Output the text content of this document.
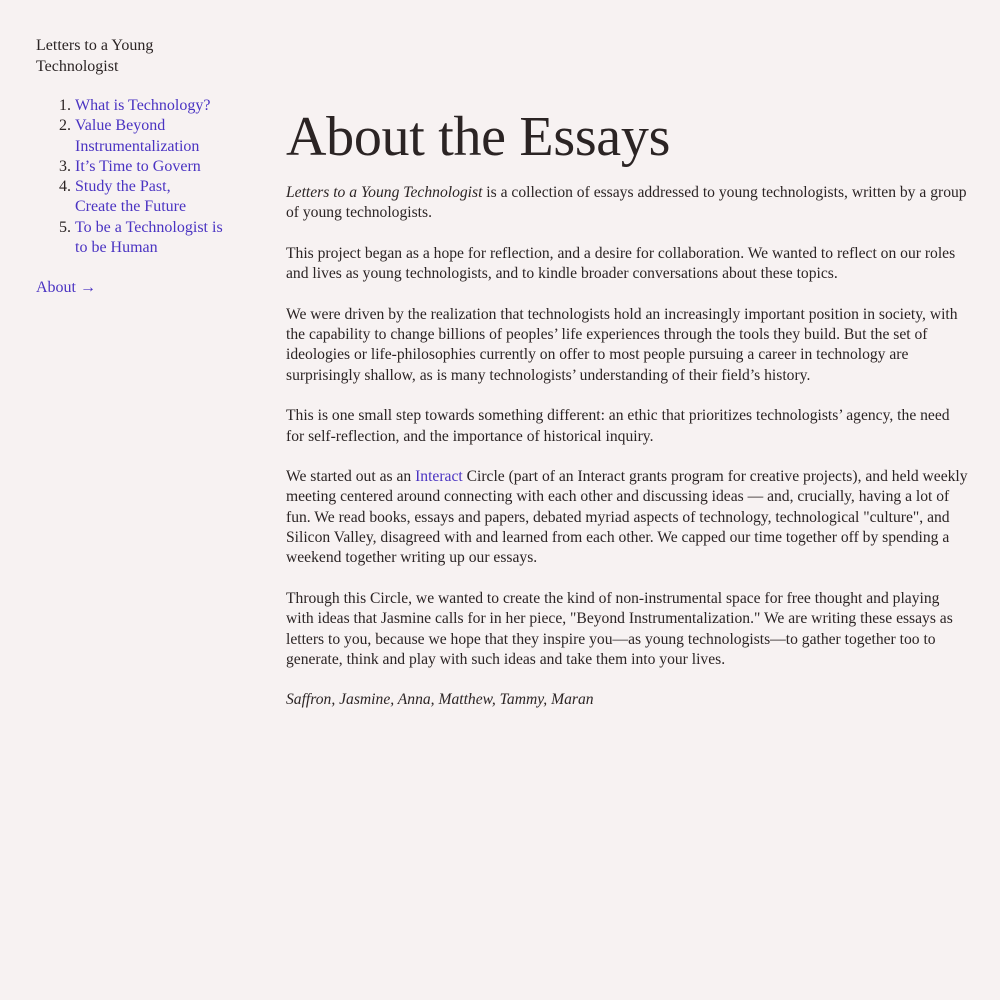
Letters to a Young
Technologist
1. What is Technology?
2. Value Beyond
Instrumentalization
3. It’s Time to Govern
4. Study the Past,
Create the Future
5. To be a Technologist is
to be Human
About →
About the Essays

Letters to a Young Technologist is a collection of essays addressed to young technologists, written by a group of young technologists.

This project began as a hope for reflection, and a desire for collaboration. We wanted to reflect on our roles and lives as young technologists, and to kindle broader conversations about these topics.

We were driven by the realization that technologists hold an increasingly important position in society, with the capability to change billions of peoples’ life experiences through the tools they build. But the set of ideologies or life-philosophies currently on offer to most people pursuing a career in technology are surprisingly shallow, as is many technologists’ understanding of their field’s history.

This is one small step towards something different: an ethic that prioritizes technologists’ agency, the need for self-reflection, and the importance of historical inquiry.

We started out as an Interact Circle (part of an Interact grants program for creative projects), and held weekly meeting centered around connecting with each other and discussing ideas — and, crucially, having a lot of fun. We read books, essays and papers, debated myriad aspects of technology, technological "culture", and Silicon Valley, disagreed with and learned from each other. We capped our time together off by spending a weekend together writing up our essays.

Through this Circle, we wanted to create the kind of non-instrumental space for free thought and playing with ideas that Jasmine calls for in her piece, "Beyond Instrumentalization." We are writing these essays as letters to you, because we hope that they inspire you—as young technologists—to gather together too to generate, think and play with such ideas and take them into your lives.

Saffron, Jasmine, Anna, Matthew, Tammy, Maran
